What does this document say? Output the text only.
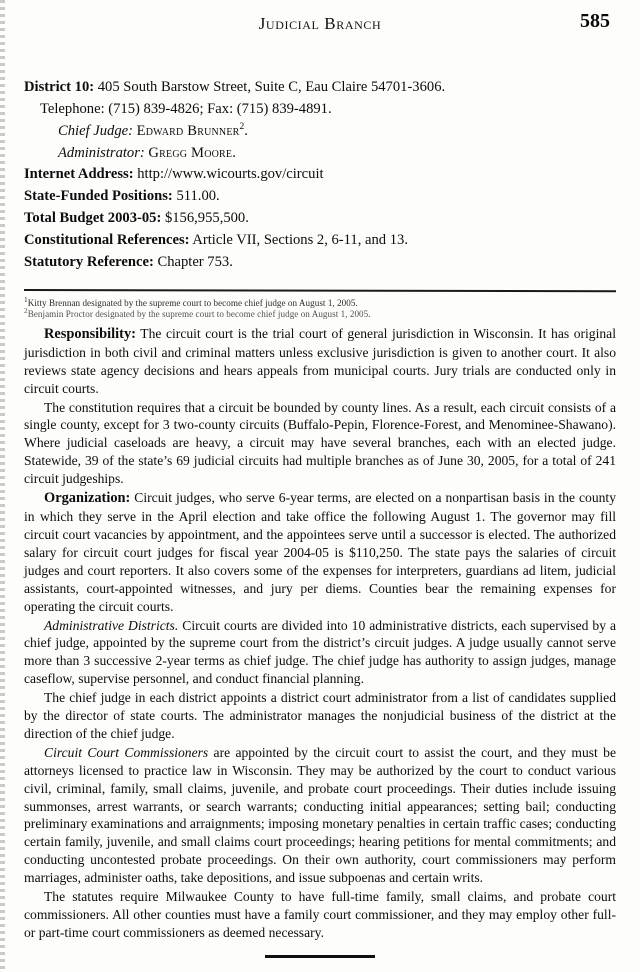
Judicial Branch	585

District 10: 405 South Barstow Street, Suite C, Eau Claire 54701-3606.

Telephone: (715) 839-4826; Fax: (715) 839-4891.

Chief Judge: Edward Brunner$^2$.

Administrator: Gregg Moore.

Internet Address: http://www.wicourts.gov/circuit

State-Funded Positions: 511.00.

Total Budget 2003-05: $156,955,500.

Constitutional References: Article VII, Sections 2, 6-11, and 13.

Statutory Reference: Chapter 753.

$^1$Kitty Brennan designated by the supreme court to become chief judge on August 1, 2005.

$^2$Benjamin Proctor designated by the supreme court to become chief judge on August 1, 2005.

Responsibility: The circuit court is the trial court of general jurisdiction in Wisconsin. It has original jurisdiction in both civil and criminal matters unless exclusive jurisdiction is given to another court. It also reviews state agency decisions and hears appeals from municipal courts. Jury trials are conducted only in circuit courts.

The constitution requires that a circuit be bounded by county lines. As a result, each circuit consists of a single county, except for 3 two-county circuits (Buffalo-Pepin, Florence-Forest, and Menominee-Shawano). Where judicial caseloads are heavy, a circuit may have several branches, each with an elected judge. Statewide, 39 of the state’s 69 judicial circuits had multiple branches as of June 30, 2005, for a total of 241 circuit judgeships.

Organization: Circuit judges, who serve 6-year terms, are elected on a nonpartisan basis in the county in which they serve in the April election and take office the following August 1. The governor may fill circuit court vacancies by appointment, and the appointees serve until a successor is elected. The authorized salary for circuit court judges for fiscal year 2004-05 is $110,250. The state pays the salaries of circuit judges and court reporters. It also covers some of the expenses for interpreters, guardians ad litem, judicial assistants, court-appointed witnesses, and jury per diems. Counties bear the remaining expenses for operating the circuit courts.

Administrative Districts. Circuit courts are divided into 10 administrative districts, each supervised by a chief judge, appointed by the supreme court from the district’s circuit judges. A judge usually cannot serve more than 3 successive 2-year terms as chief judge. The chief judge has authority to assign judges, manage caseflow, supervise personnel, and conduct financial planning.

The chief judge in each district appoints a district court administrator from a list of candidates supplied by the director of state courts. The administrator manages the nonjudicial business of the district at the direction of the chief judge.

Circuit Court Commissioners are appointed by the circuit court to assist the court, and they must be attorneys licensed to practice law in Wisconsin. They may be authorized by the court to conduct various civil, criminal, family, small claims, juvenile, and probate court proceedings. Their duties include issuing summonses, arrest warrants, or search warrants; conducting initial appearances; setting bail; conducting preliminary examinations and arraignments; imposing monetary penalties in certain traffic cases; conducting certain family, juvenile, and small claims court proceedings; hearing petitions for mental commitments; and conducting uncontested probate proceedings. On their own authority, court commissioners may perform marriages, administer oaths, take depositions, and issue subpoenas and certain writs.

The statutes require Milwaukee County to have full-time family, small claims, and probate court commissioners. All other counties must have a family court commissioner, and they may employ other full- or part-time court commissioners as deemed necessary.
